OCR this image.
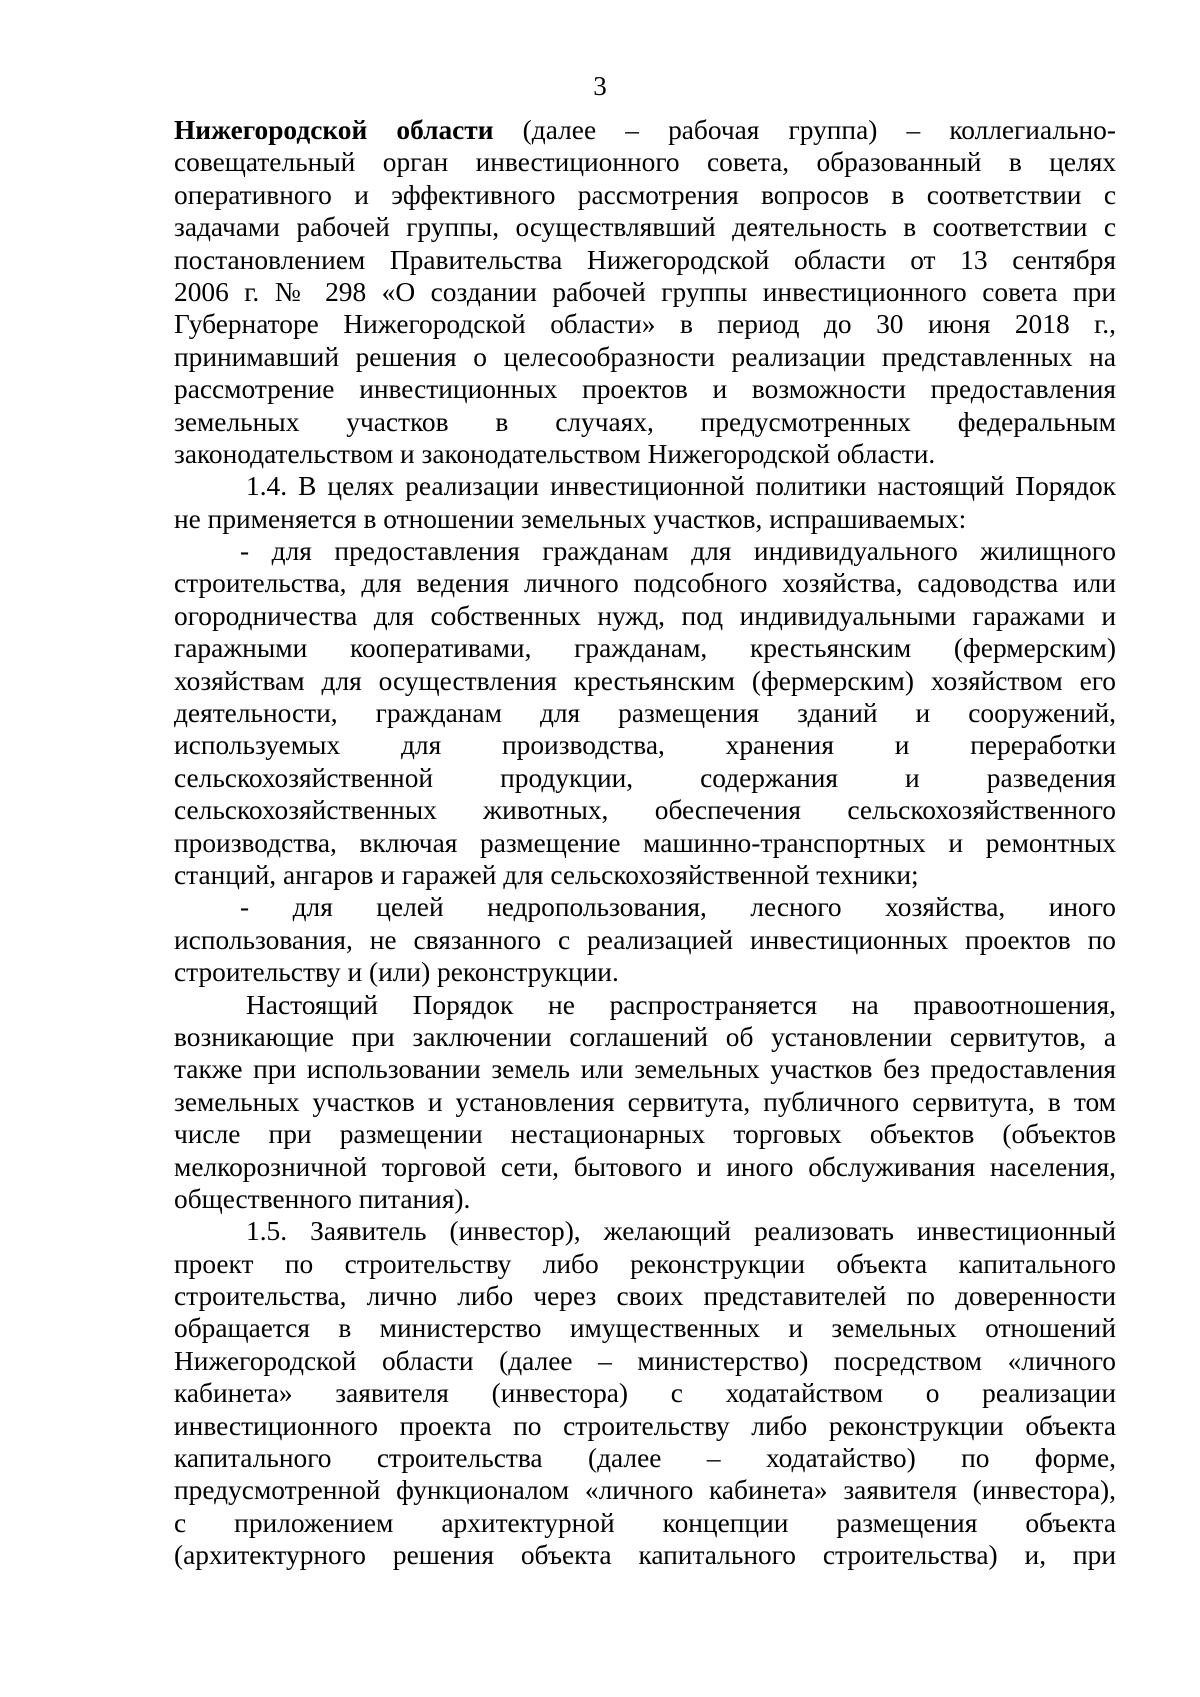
3
Нижегородской области (далее – рабочая группа) – коллегиально-
совещательный орган инвестиционного совета, образованный в целях
оперативного и эффективного рассмотрения вопросов в соответствии с
задачами рабочей группы, осуществлявший деятельность в соответствии с
постановлением Правительства Нижегородской области от 13 сентября
2006 г. № 298 «О создании рабочей группы инвестиционного совета при
Губернаторе Нижегородской области» в период до 30 июня 2018 г.,
принимавший решения о целесообразности реализации представленных на
рассмотрение инвестиционных проектов и возможности предоставления
земельных участков в случаях, предусмотренных федеральным
законодательством и законодательством Нижегородской области.
1.4. В целях реализации инвестиционной политики настоящий Порядок
не применяется в отношении земельных участков, испрашиваемых:
- для предоставления гражданам для индивидуального жилищного
строительства, для ведения личного подсобного хозяйства, садоводства или
огородничества для собственных нужд, под индивидуальными гаражами и
гаражными кооперативами, гражданам, крестьянским (фермерским)
хозяйствам для осуществления крестьянским (фермерским) хозяйством его
деятельности, гражданам для размещения зданий и сооружений,
используемых для производства, хранения и переработки
сельскохозяйственной продукции, содержания и разведения
сельскохозяйственных животных, обеспечения сельскохозяйственного
производства, включая размещение машинно-транспортных и ремонтных
станций, ангаров и гаражей для сельскохозяйственной техники;
- для целей недропользования, лесного хозяйства, иного
использования, не связанного с реализацией инвестиционных проектов по
строительству и (или) реконструкции.
Настоящий Порядок не распространяется на правоотношения,
возникающие при заключении соглашений об установлении сервитутов, а
также при использовании земель или земельных участков без предоставления
земельных участков и установления сервитута, публичного сервитута, в том
числе при размещении нестационарных торговых объектов (объектов
мелкорозничной торговой сети, бытового и иного обслуживания населения,
общественного питания).
1.5. Заявитель (инвестор), желающий реализовать инвестиционный
проект по строительству либо реконструкции объекта капитального
строительства, лично либо через своих представителей по доверенности
обращается в министерство имущественных и земельных отношений
Нижегородской области (далее – министерство) посредством «личного
кабинета» заявителя (инвестора) с ходатайством о реализации
инвестиционного проекта по строительству либо реконструкции объекта
капитального строительства (далее – ходатайство) по форме,
предусмотренной функционалом «личного кабинета» заявителя (инвестора),
с приложением архитектурной концепции размещения объекта
(архитектурного решения объекта капитального строительства) и, при
